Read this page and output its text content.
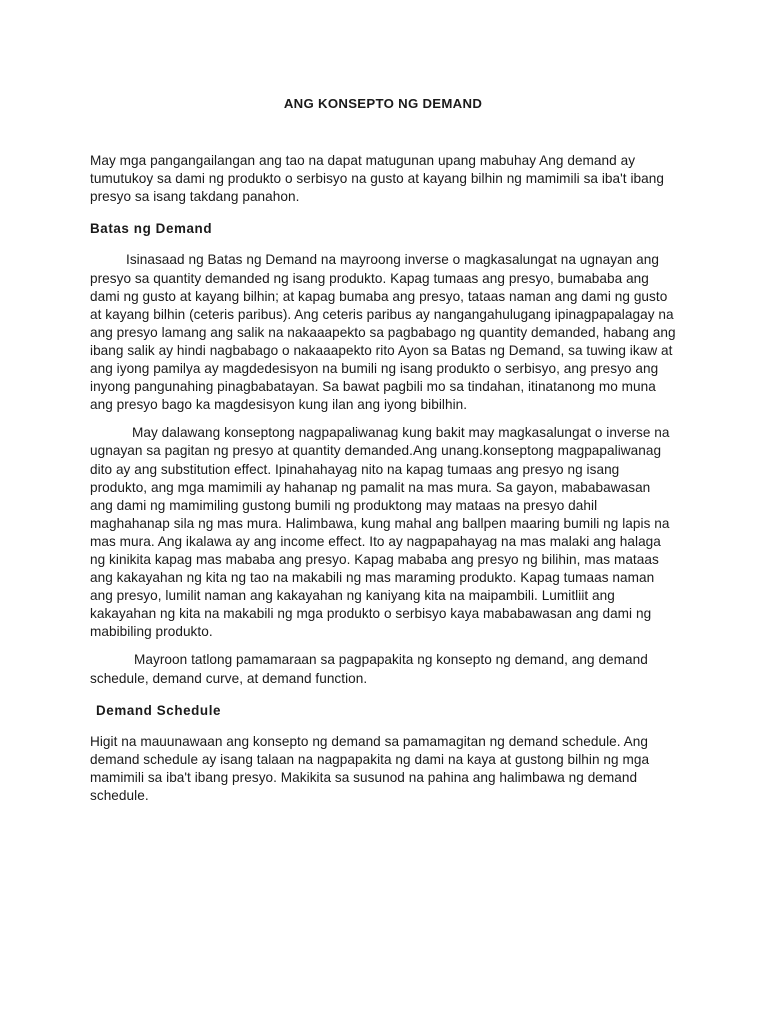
ANG KONSEPTO NG DEMAND

May mga pangangailangan ang tao na dapat matugunan upang mabuhay Ang demand ay tumutukoy sa dami ng produkto o serbisyo na gusto at kayang bilhin ng mamimili sa iba't ibang presyo sa isang takdang panahon.

Batas ng Demand

Isinasaad ng Batas ng Demand na mayroong inverse o magkasalungat na ugnayan ang presyo sa quantity demanded ng isang produkto. Kapag tumaas ang presyo, bumababa ang dami ng gusto at kayang bilhin; at kapag bumaba ang presyo, tataas naman ang dami ng gusto at kayang bilhin (ceteris paribus). Ang ceteris paribus ay nangangahulugang ipinagpapalagay na ang presyo lamang ang salik na nakaaapekto sa pagbabago ng quantity demanded, habang ang ibang salik ay hindi nagbabago o nakaaapekto rito Ayon sa Batas ng Demand, sa tuwing ikaw at ang iyong pamilya ay magdedesisyon na bumili ng isang produkto o serbisyo, ang presyo ang inyong pangunahing pinagbabatayan. Sa bawat pagbili mo sa tindahan, itinatanong mo muna ang presyo bago ka magdesisyon kung ilan ang iyong bibilhin.

May dalawang konseptong nagpapaliwanag kung bakit may magkasalungat o inverse na ugnayan sa pagitan ng presyo at quantity demanded.Ang unang.konseptong magpapaliwanag dito ay ang substitution effect. Ipinahahayag nito na kapag tumaas ang presyo ng isang produkto, ang mga mamimili ay hahanap ng pamalit na mas mura. Sa gayon, mababawasan ang dami ng mamimiling gustong bumili ng produktong may mataas na presyo dahil maghahanap sila ng mas mura. Halimbawa, kung mahal ang ballpen maaring bumili ng lapis na mas mura. Ang ikalawa ay ang income effect. Ito ay nagpapahayag na mas malaki ang halaga ng kinikita kapag mas mababa ang presyo. Kapag mababa ang presyo ng bilihin, mas mataas ang kakayahan ng kita ng tao na makabili ng mas maraming produkto. Kapag tumaas naman ang presyo, lumilit naman ang kakayahan ng kaniyang kita na maipambili. Lumitliit ang kakayahan ng kita na makabili ng mga produkto o serbisyo kaya mababawasan ang dami ng mabibiling produkto.

Mayroon tatlong pamamaraan sa pagpapakita ng konsepto ng demand, ang demand schedule, demand curve, at demand function.

Demand Schedule

Higit na mauunawaan ang konsepto ng demand sa pamamagitan ng demand schedule. Ang demand schedule ay isang talaan na nagpapakita ng dami na kaya at gustong bilhin ng mga mamimili sa iba't ibang presyo. Makikita sa susunod na pahina ang halimbawa ng demand schedule.
